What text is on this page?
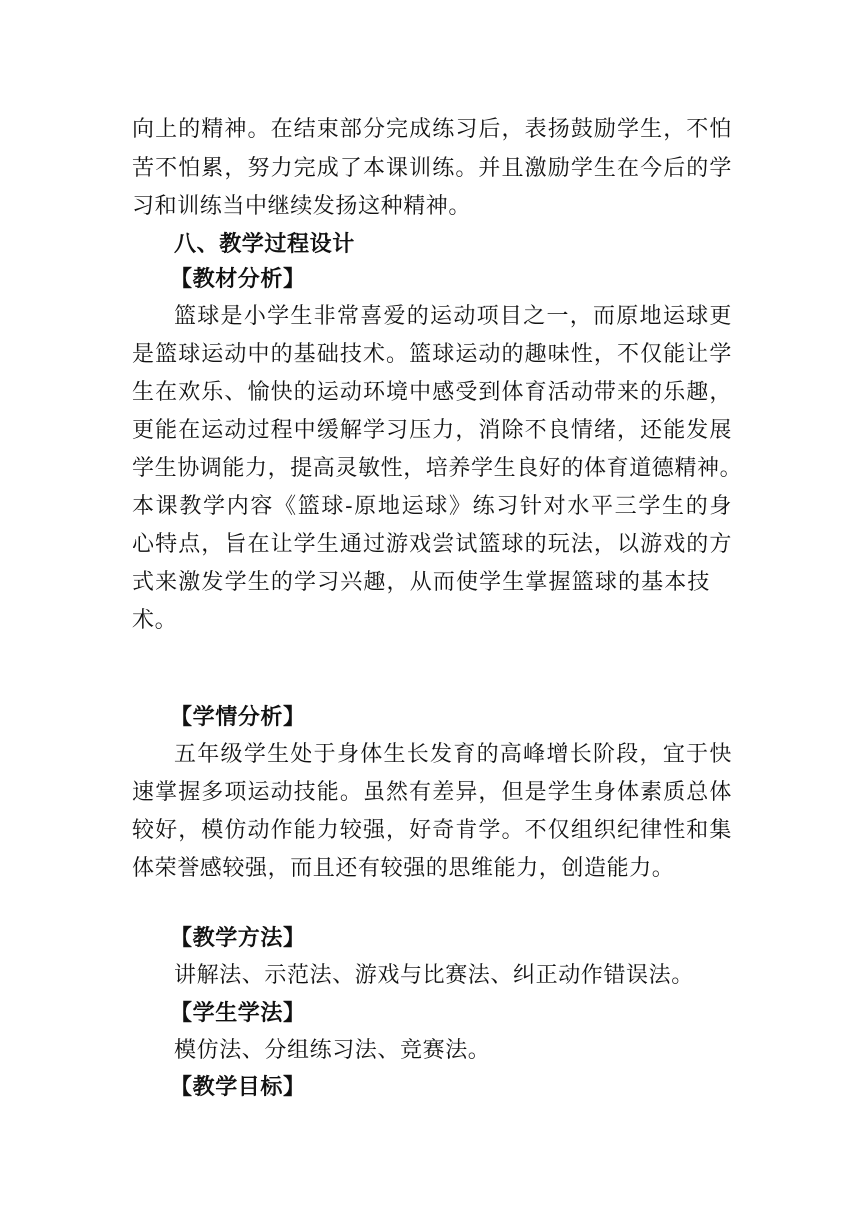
向上的精神。在结束部分完成练习后，表扬鼓励学生，不怕
苦不怕累，努力完成了本课训练。并且激励学生在今后的学
习和训练当中继续发扬这种精神。
八、教学过程设计
【教材分析】
篮球是小学生非常喜爱的运动项目之一，而原地运球更
是篮球运动中的基础技术。篮球运动的趣味性，不仅能让学
生在欢乐、愉快的运动环境中感受到体育活动带来的乐趣，
更能在运动过程中缓解学习压力，消除不良情绪，还能发展
学生协调能力，提高灵敏性，培养学生良好的体育道德精神。
本课教学内容《篮球-原地运球》练习针对水平三学生的身
心特点，旨在让学生通过游戏尝试篮球的玩法，以游戏的方
式来激发学生的学习兴趣，从而使学生掌握篮球的基本技
术。
【学情分析】
五年级学生处于身体生长发育的高峰增长阶段，宜于快
速掌握多项运动技能。虽然有差异，但是学生身体素质总体
较好，模仿动作能力较强，好奇肯学。不仅组织纪律性和集
体荣誉感较强，而且还有较强的思维能力，创造能力。
【教学方法】
讲解法、示范法、游戏与比赛法、纠正动作错误法。
【学生学法】
模仿法、分组练习法、竞赛法。
【教学目标】
